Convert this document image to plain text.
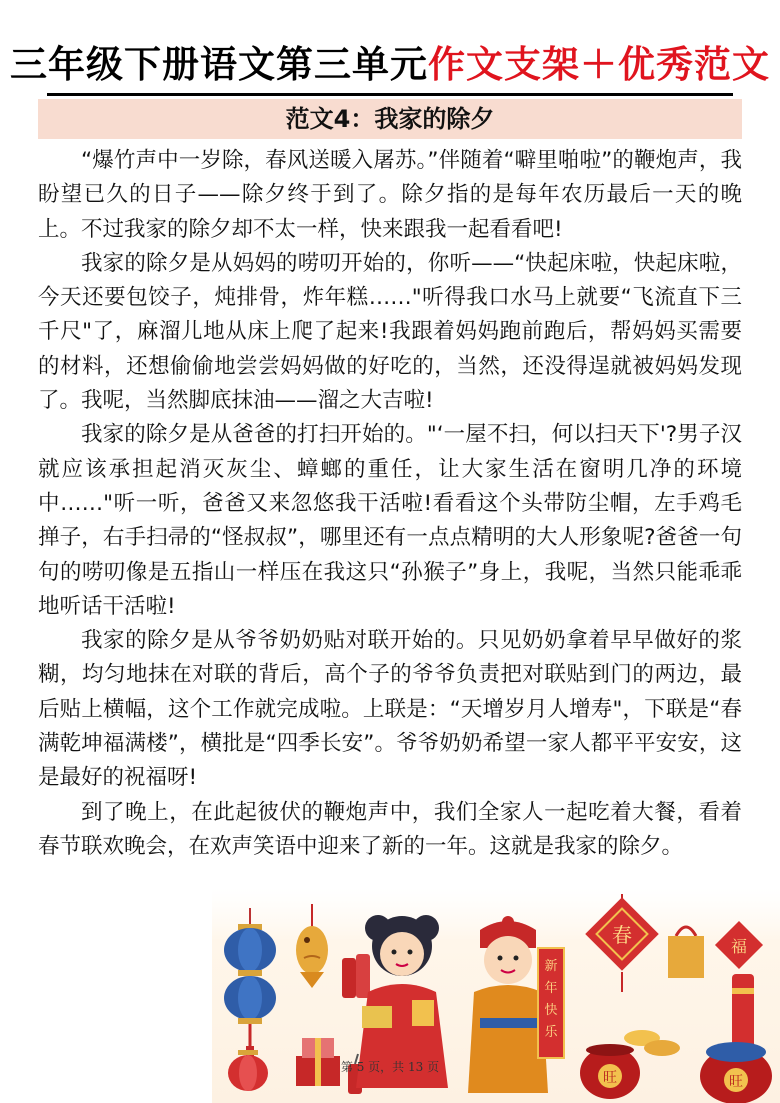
三年级下册语文第三单元作文支架＋优秀范文
范文4：我家的除夕

“爆竹声中一岁除，春风送暖入屠苏。”伴随着“噼里啪啦”的鞭炮声，我盼望已久的日子——除夕终于到了。除夕指的是每年农历最后一天的晚上。不过我家的除夕却不太一样，快来跟我一起看看吧!

我家的除夕是从妈妈的唠叨开始的，你听——“快起床啦，快起床啦，今天还要包饺子，炖排骨，炸年糕……"听得我口水马上就要“飞流直下三千尺"了，麻溜儿地从床上爬了起来!我跟着妈妈跑前跑后，帮妈妈买需要的材料，还想偷偷地尝尝妈妈做的好吃的，当然，还没得逞就被妈妈发现了。我呢，当然脚底抹油——溜之大吉啦!

我家的除夕是从爸爸的打扫开始的。"‘一屋不扫，何以扫天下'?男子汉就应该承担起消灭灰尘、蟑螂的重任，让大家生活在窗明几净的环境中……"听一听，爸爸又来忽悠我干活啦!看看这个头带防尘帽，左手鸡毛掸子，右手扫帚的“怪叔叔”，哪里还有一点点精明的大人形象呢?爸爸一句句的唠叨像是五指山一样压在我这只“孙猴子”身上，我呢，当然只能乖乖地听话干活啦!

我家的除夕是从爷爷奶奶贴对联开始的。只见奶奶拿着早早做好的浆糊，均匀地抹在对联的背后，高个子的爷爷负责把对联贴到门的两边，最后贴上横幅，这个工作就完成啦。上联是：“天增岁月人增寿"，下联是“春满乾坤福满楼”，横批是“四季长安”。爷爷奶奶希望一家人都平平安安，这是最好的祝福呀!

到了晚上，在此起彼伏的鞭炮声中，我们全家人一起吃着大餐，看着春节联欢晚会，在欢声笑语中迎来了新的一年。这就是我家的除夕。

新
年
快
乐
春	福
旺	旺
第 5 页，共 13 页
